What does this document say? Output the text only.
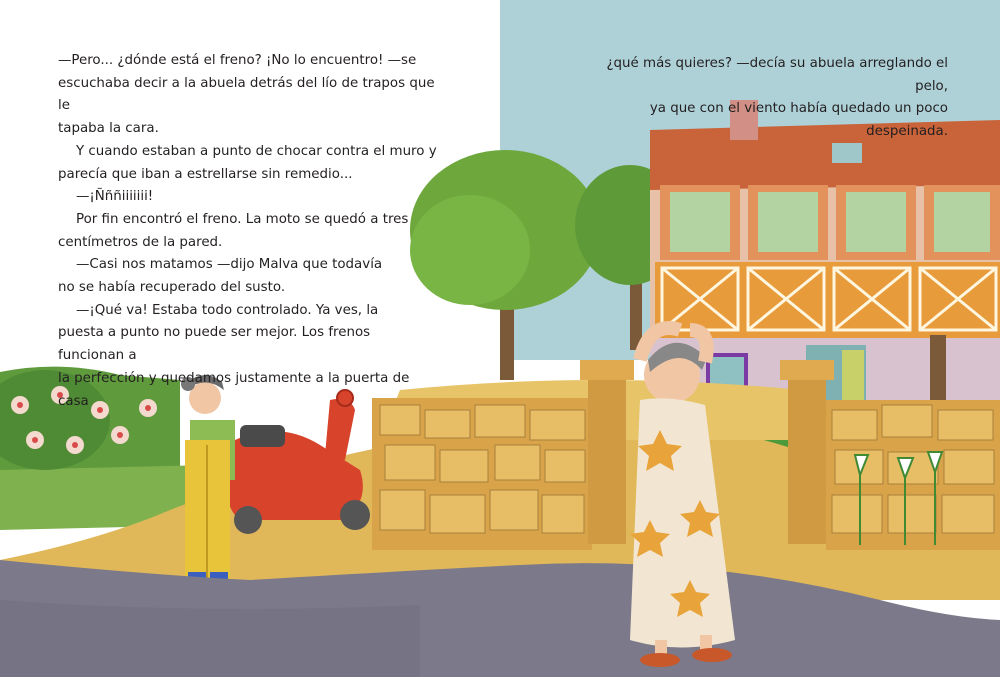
—Pero... ¿dónde está el freno? ¡No lo encuentro! —se

escuchaba decir a la abuela detrás del lío de trapos que le

tapaba la cara.

Y cuando estaban a punto de chocar contra el muro y

parecía que iban a estrellarse sin remedio...

—¡Ñññiiiiiii!

Por fin encontró el freno. La moto se quedó a tres

centímetros de la pared.

—Casi nos matamos —dijo Malva que todavía

no se había recuperado del susto.

—¡Qué va! Estaba todo controlado. Ya ves, la

puesta a punto no puede ser mejor. Los frenos funcionan a

la perfección y quedamos justamente a la puerta de casa

¿qué más quieres? —decía su abuela arreglando el pelo,

ya que con el viento había quedado un poco despeinada.
